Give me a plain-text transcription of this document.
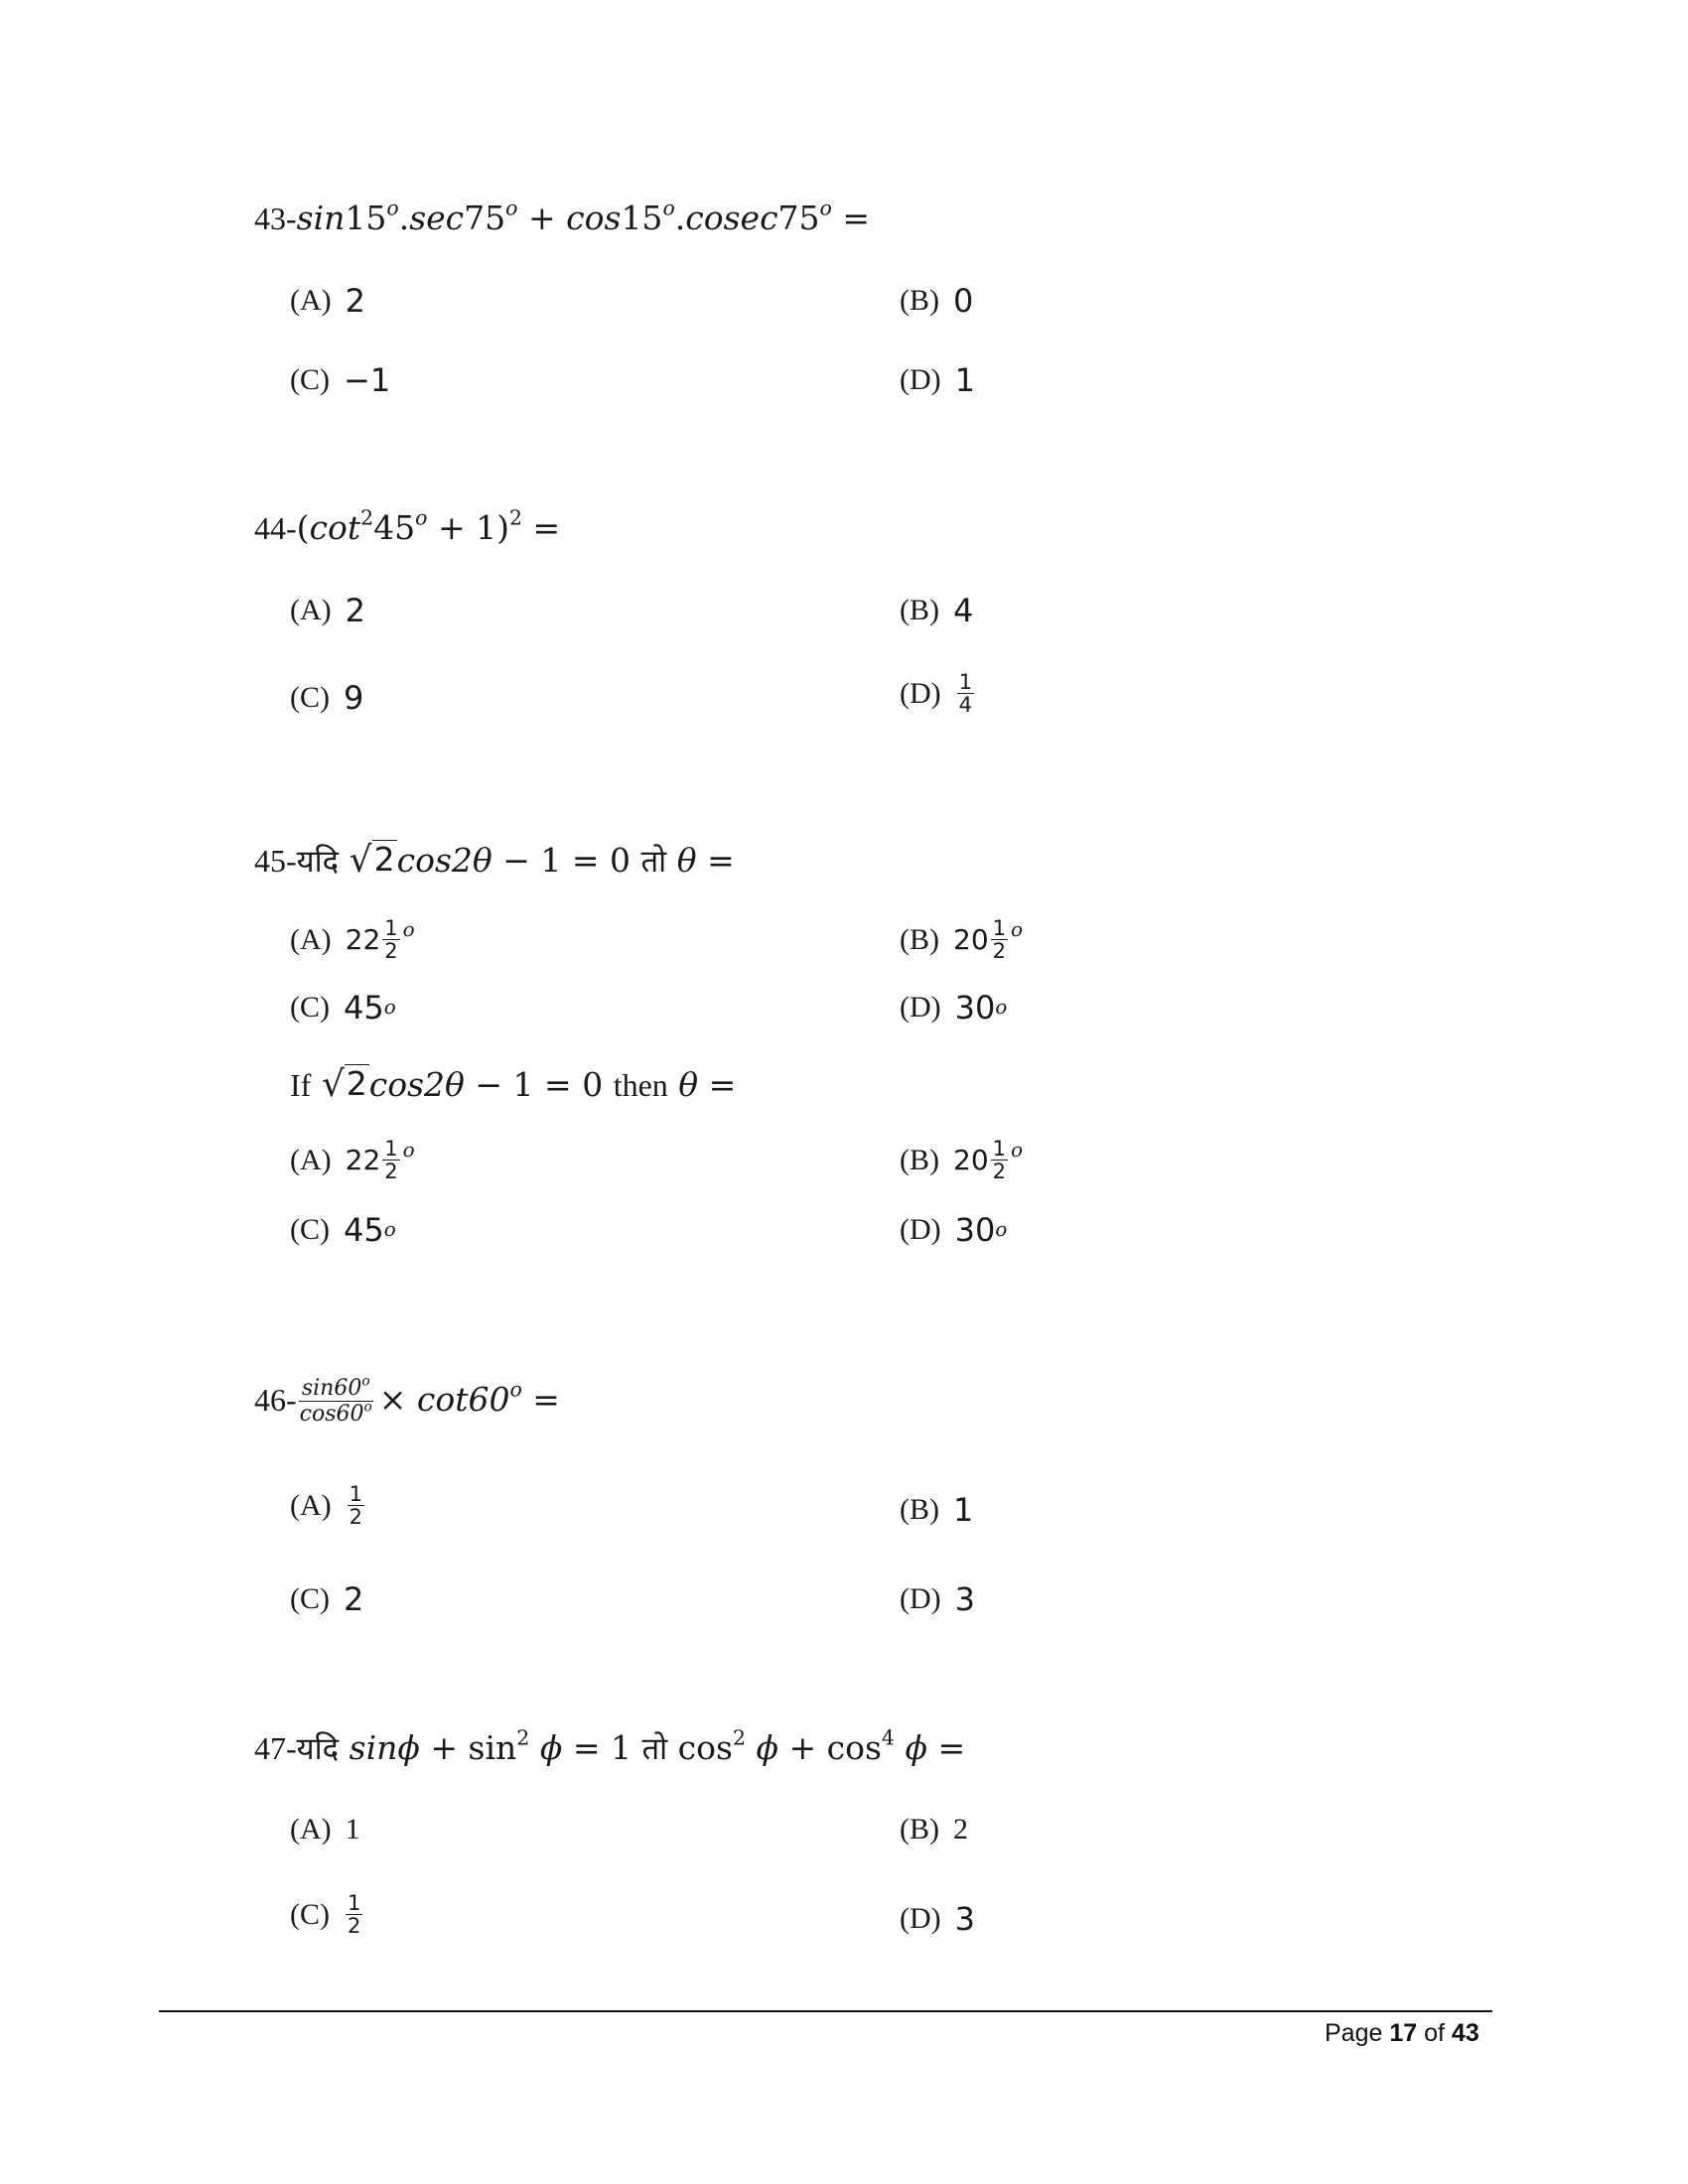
$43-\sin 15^o.\sec 75^o + \cos 15^o.cosec75^o$ =
(A) 2	(B) 0
(C) −1	(D) 1
$44-(\cot^245^o + 1)^2$ =
(A) 2	(B) 4
(C) 9	$(D) \frac{1}{4}$
45-यदि √ 2 cos2θ − 1 = 0 तो θ =
(A) $22 \frac{1}{2}$ o	(B) $20 \frac{1}{2}$ o
(C) 45 o	(D) 30 o
If √ 2 cos2θ − 1 = 0 then θ =
(A) $22 \frac{1}{2}$ o	(B) $20 \frac{1}{2}$ o
(C) 45 o	(D) 30 o
$46- \frac{\sin 60^o}{\cos 60^o} \times \cot 60^o$ =
$(A) \frac{1}{2}$	(B) 1
(C) 2	(D) 3
47-यदि $\sin\phi + \sin^2 \phi = 1$ तो $\cos^2 \phi + \cos^4 \phi$ =
(A) 1	(B) 2
$(C) \frac{1}{2}$	(D) 3
Page 17 of 43
